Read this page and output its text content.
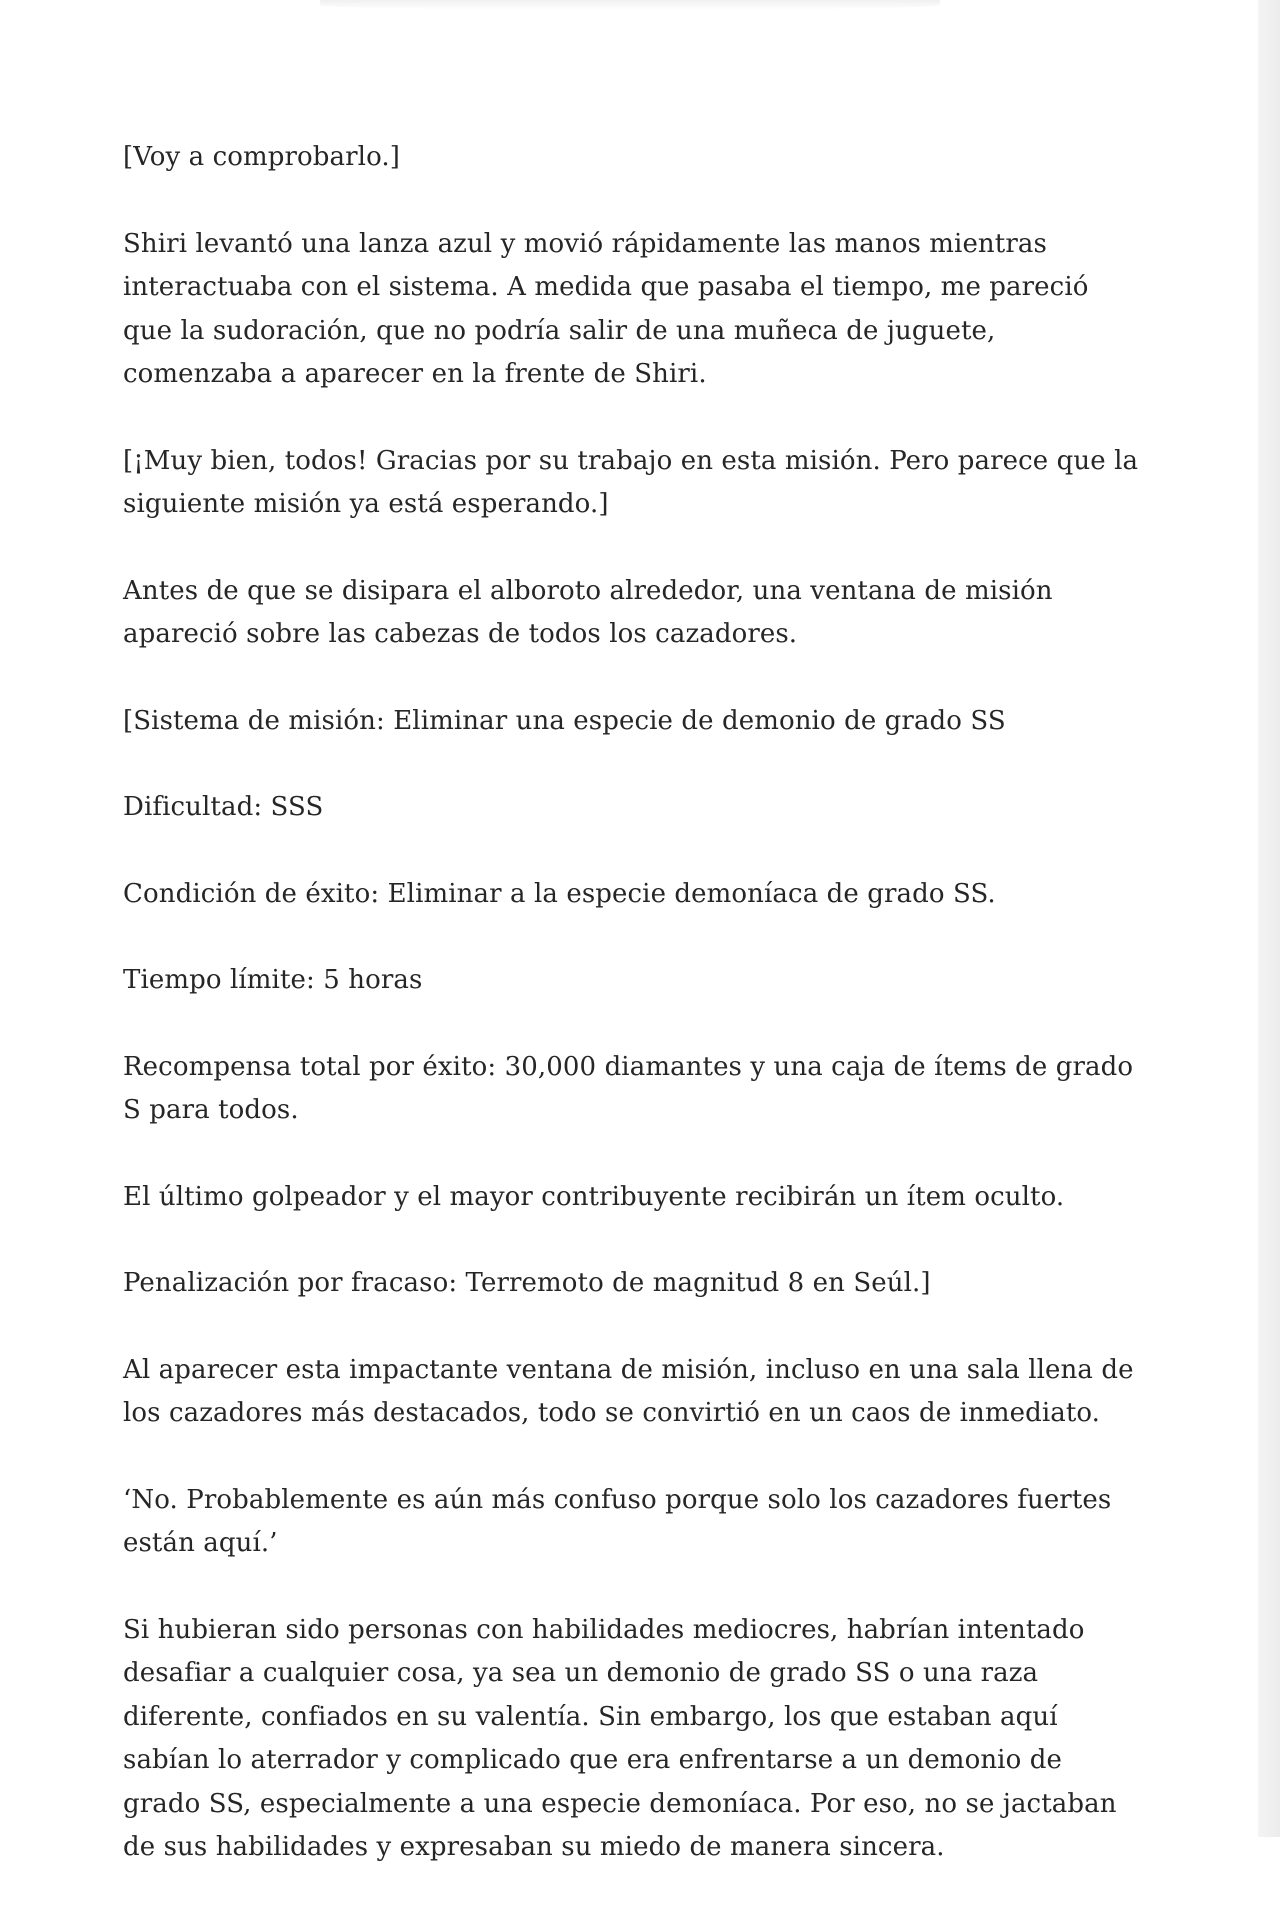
[Voy a comprobarlo.]

Shiri levantó una lanza azul y movió rápidamente las manos mientras interactuaba con el sistema. A medida que pasaba el tiempo, me pareció que la sudoración, que no podría salir de una muñeca de juguete, comenzaba a aparecer en la frente de Shiri.

[¡Muy bien, todos! Gracias por su trabajo en esta misión. Pero parece que la siguiente misión ya está esperando.]

Antes de que se disipara el alboroto alrededor, una ventana de misión apareció sobre las cabezas de todos los cazadores.

[Sistema de misión: Eliminar una especie de demonio de grado SS

Dificultad: SSS

Condición de éxito: Eliminar a la especie demoníaca de grado SS.

Tiempo límite: 5 horas

Recompensa total por éxito: 30,000 diamantes y una caja de ítems de grado S para todos.

El último golpeador y el mayor contribuyente recibirán un ítem oculto.

Penalización por fracaso: Terremoto de magnitud 8 en Seúl.]

Al aparecer esta impactante ventana de misión, incluso en una sala llena de los cazadores más destacados, todo se convirtió en un caos de inmediato.

‘No. Probablemente es aún más confuso porque solo los cazadores fuertes están aquí.’

Si hubieran sido personas con habilidades mediocres, habrían intentado desafiar a cualquier cosa, ya sea un demonio de grado SS o una raza diferente, confiados en su valentía. Sin embargo, los que estaban aquí sabían lo aterrador y complicado que era enfrentarse a un demonio de grado SS, especialmente a una especie demoníaca. Por eso, no se jactaban de sus habilidades y expresaban su miedo de manera sincera.
